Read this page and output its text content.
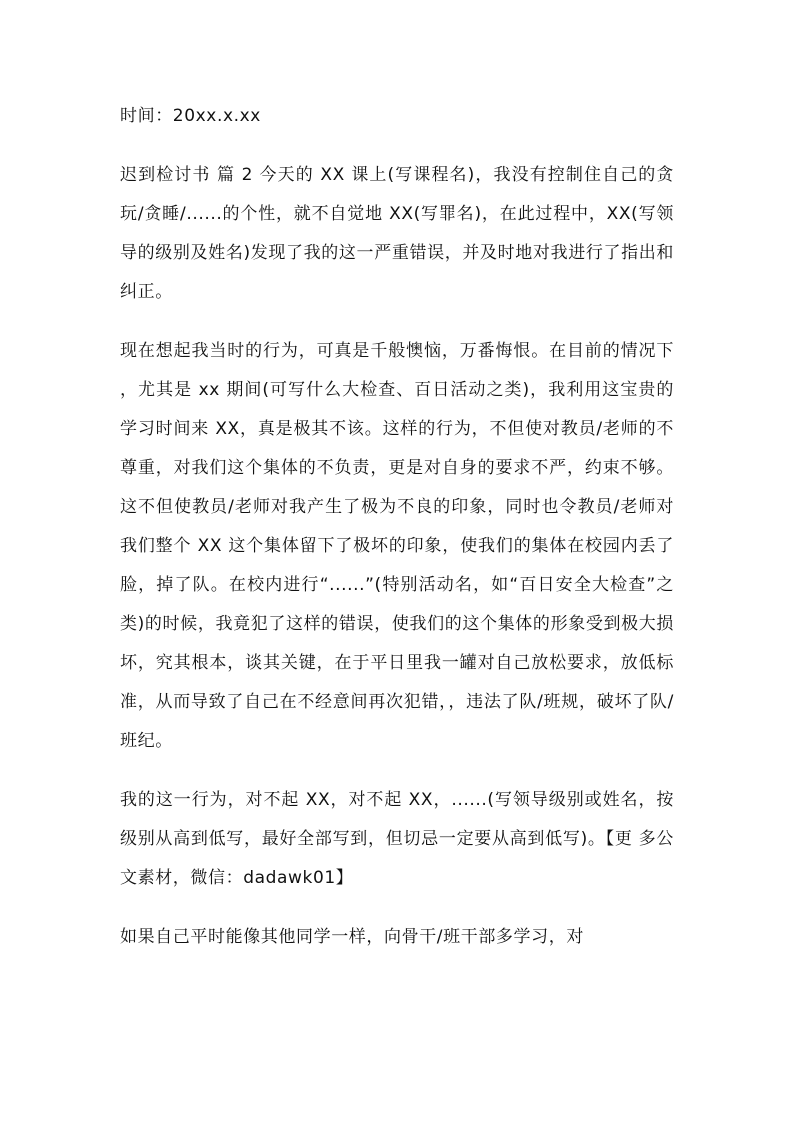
时间：20xx.x.xx

迟到检讨书 篇 2 今天的 XX 课上(写课程名)，我没有控制住自己的贪玩/贪睡/......的个性，就不自觉地 XX(写罪名)，在此过程中，XX(写领导的级别及姓名)发现了我的这一严重错误，并及时地对我进行了指出和纠正。

现在想起我当时的行为，可真是千般懊恼，万番悔恨。在目前的情况下，尤其是 xx 期间(可写什么大检查、百日活动之类)，我利用这宝贵的学习时间来 XX，真是极其不该。这样的行为，不但使对教员/老师的不尊重，对我们这个集体的不负责，更是对自身的要求不严，约束不够。这不但使教员/老师对我产生了极为不良的印象，同时也令教员/老师对我们整个 XX 这个集体留下了极坏的印象，使我们的集体在校园内丢了脸，掉了队。在校内进行“......”(特别活动名，如“百日安全大检查”之类)的时候，我竟犯了这样的错误，使我们的这个集体的形象受到极大损坏，究其根本，谈其关键，在于平日里我一罐对自己放松要求，放低标准，从而导致了自己在不经意间再次犯错，，违法了队/班规，破坏了队/班纪。

我的这一行为，对不起 XX，对不起 XX，......(写领导级别或姓名，按级别从高到低写，最好全部写到，但切忌一定要从高到低写)。【更 多公文素材，微信：dadawk01】

如果自己平时能像其他同学一样，向骨干/班干部多学习，对
